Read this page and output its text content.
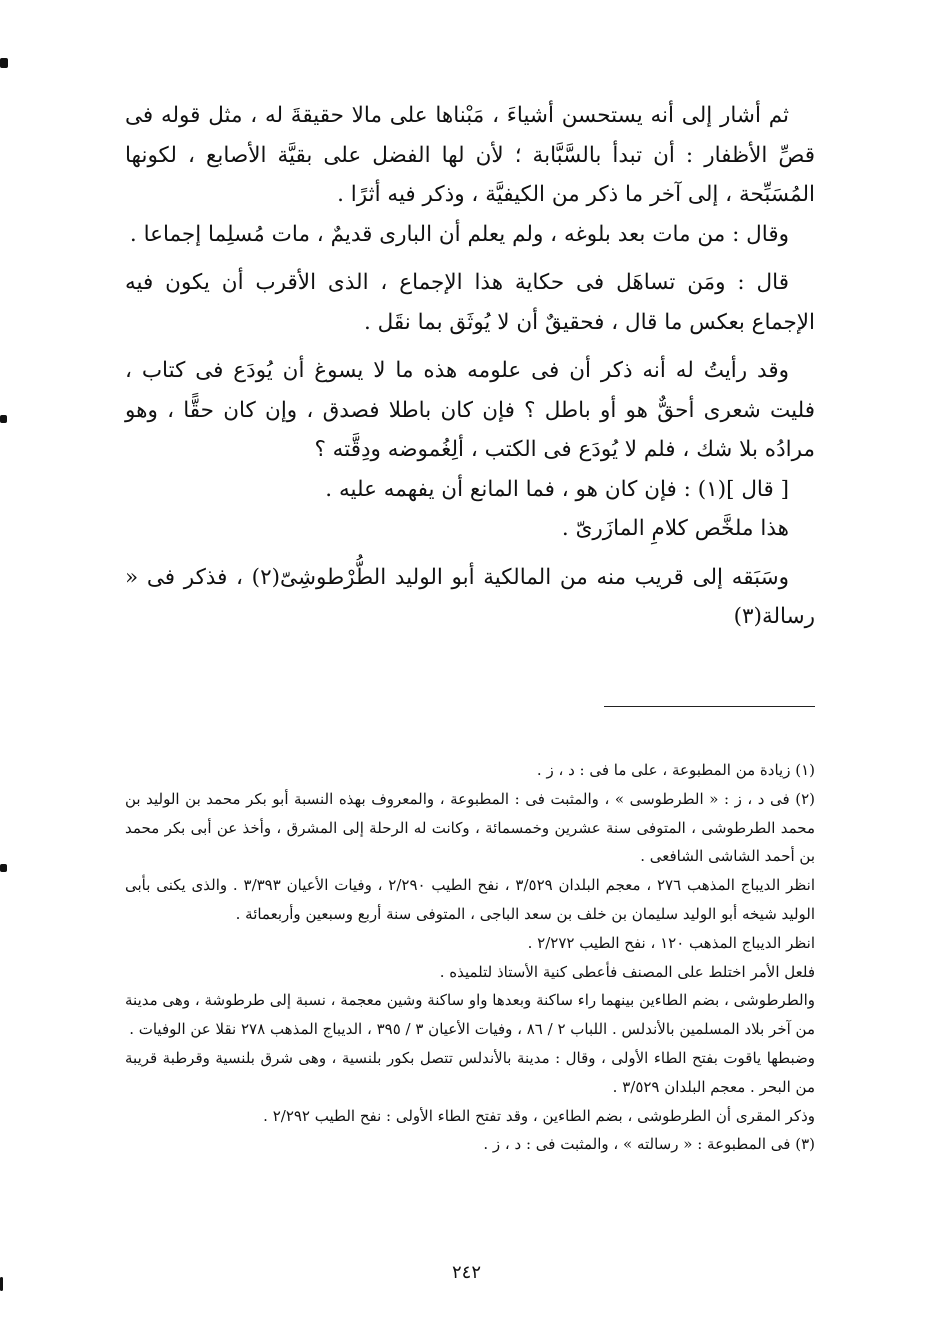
ثم أشار إلى أنه يستحسن أشياءَ ، مَبْناها على مالا حقيقةَ له ، مثل قوله فى قصِّ الأظفار : أن تبدأ بالسَّبَّابة ؛ لأن لها الفضل على بقيَّة الأصابع ، لكونها المُسَبِّحة ، إلى آخر ما ذكر من الكيفيَّة ، وذكر فيه أثرًا .

وقال : من مات بعد بلوغه ، ولم يعلم أن البارى قديمٌ ، مات مُسلِما إجماعا .

قال : ومَن تساهَل فى حكاية هذا الإجماع ، الذى الأقرب أن يكون فيه الإجماع بعكس ما قال ، فحقيقٌ أن لا يُوثَق بما نقَل .

وقد رأيتُ له أنه ذكر أن فى علومه هذه ما لا يسوغ أن يُودَع فى كتاب ، فليت شعرى أحقٌّ هو أو باطل ؟ فإن كان باطلا فصدق ، وإن كان حقًّا ، وهو مرادُه بلا شك ، فلم لا يُودَع فى الكتب ، ألِغُموضه ودِقَّته ؟

[ قال ](١) : فإن كان هو ، فما المانع أن يفهمه عليه .

هذا ملخَّص كلامِ المازَرىّ .

وسَبَقه إلى قريب منه من المالكية أبو الوليد الطُّرْطوشِىّ(٢) ، فذكر فى « رسالة(٣)

(١) زيادة من المطبوعة ، على ما فى : د ، ز .

(٢) فى د ، ز : « الطرطوسى » ، والمثبت فى : المطبوعة ، والمعروف بهذه النسبة أبو بكر محمد بن الوليد بن محمد الطرطوشى ، المتوفى سنة عشرين وخمسمائة ، وكانت له الرحلة إلى المشرق ، وأخذ عن أبى بكر محمد بن أحمد الشاشى الشافعى .

انظر الديباج المذهب ٢٧٦ ، معجم البلدان ٣/٥٢٩ ، نفح الطيب ٢/٢٩٠ ، وفيات الأعيان ٣/٣٩٣ . والذى يكنى بأبى الوليد شيخه أبو الوليد سليمان بن خلف بن سعد الباجى ، المتوفى سنة أربع وسبعين وأربعمائة .

انظر الديباج المذهب ١٢٠ ، نفح الطيب ٢/٢٧٢ .

فلعل الأمر اختلط على المصنف فأعطى كنية الأستاذ لتلميذه .

والطرطوشى ، بضم الطاءين بينهما راء ساكنة وبعدها واو ساكنة وشين معجمة ، نسبة إلى طرطوشة ، وهى مدينة من آخر بلاد المسلمين بالأندلس . اللباب ٢ / ٨٦ ، وفيات الأعيان ٣ / ٣٩٥ ، الديباج المذهب ٢٧٨ نقلا عن الوفيات .

وضبطها ياقوت بفتح الطاء الأولى ، وقال : مدينة بالأندلس تتصل بكور بلنسية ، وهى شرق بلنسية وقرطبة قريبة من البحر . معجم البلدان ٣/٥٢٩ .

وذكر المقرى أن الطرطوشى ، بضم الطاءين ، وقد تفتح الطاء الأولى : نفح الطيب ٢/٢٩٢ .

(٣) فى المطبوعة : « رسالته » ، والمثبت فى : د ، ز .

٢٤٢
